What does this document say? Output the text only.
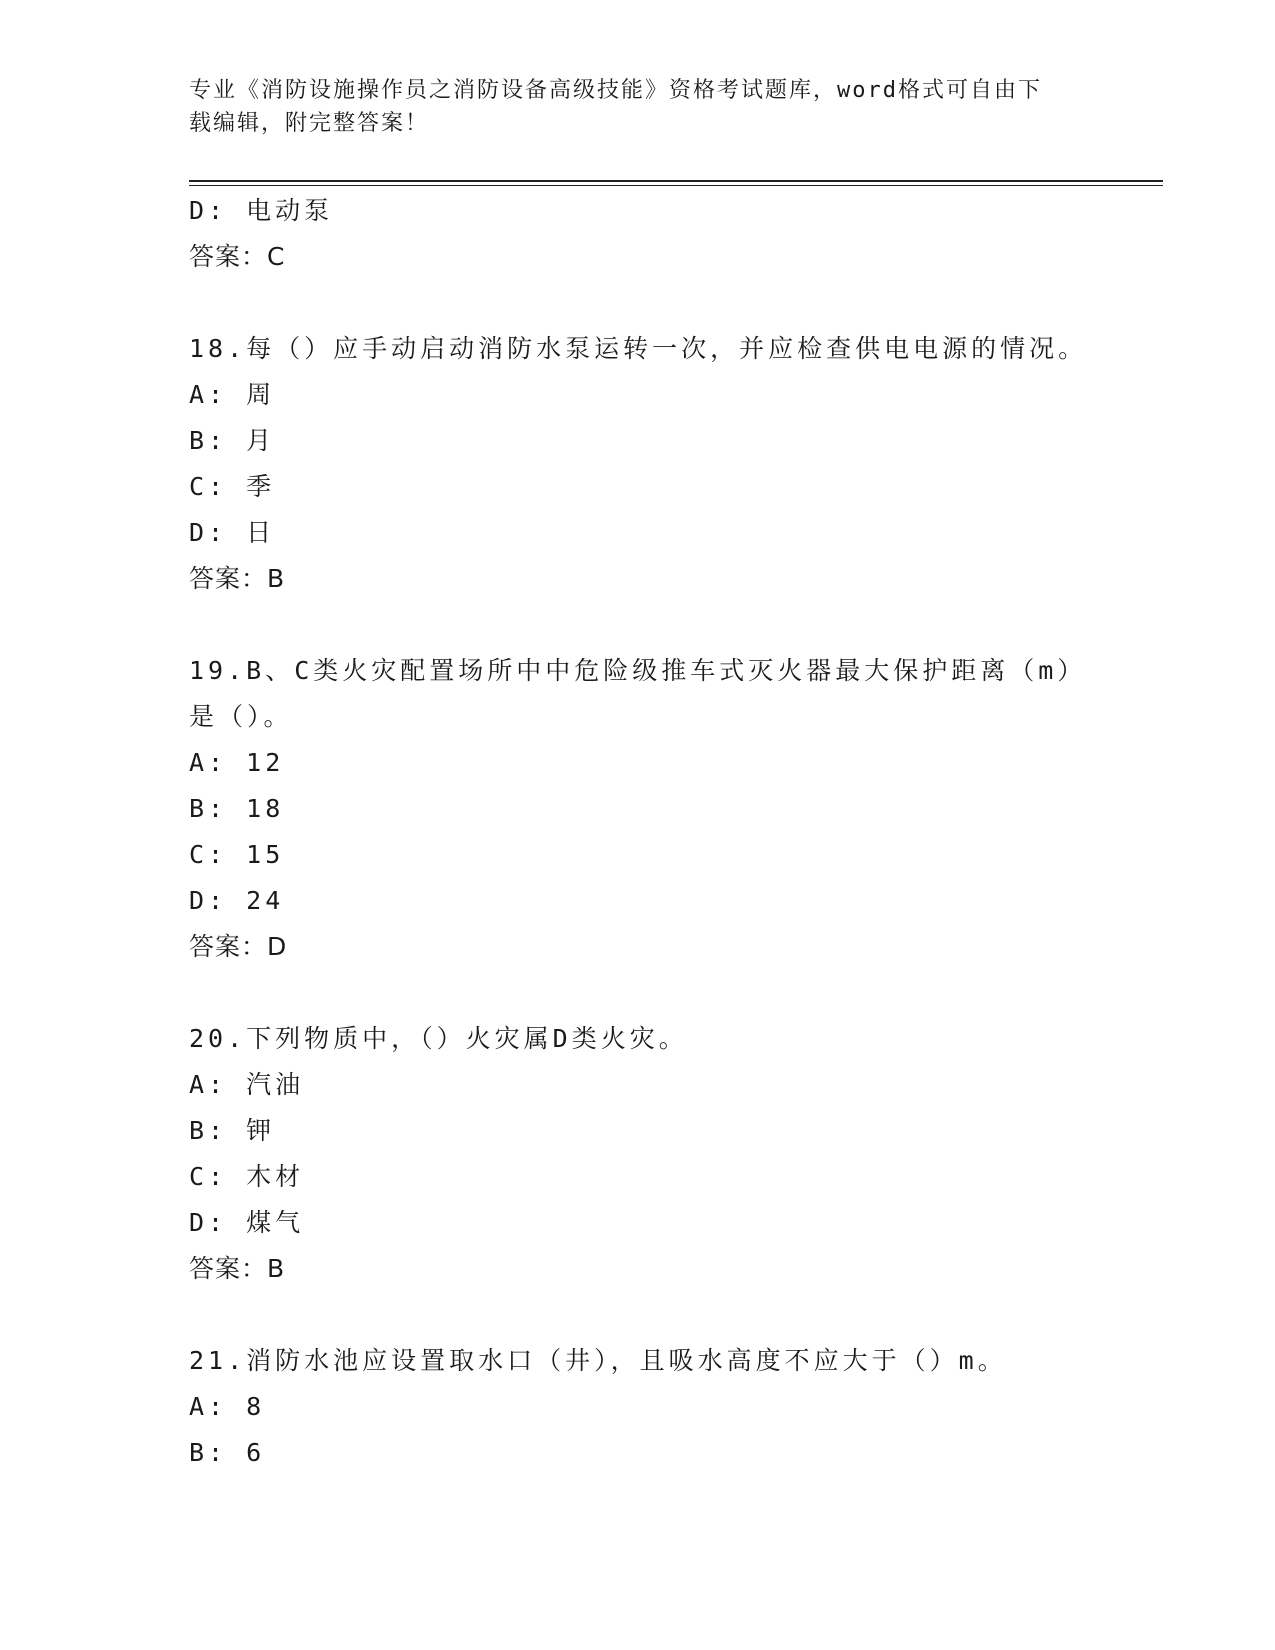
专业《消防设施操作员之消防设备高级技能》资格考试题库，word格式可自由下
载编辑，附完整答案！
D: 电动泵
答案：C
18.每（）应手动启动消防水泵运转一次，并应检查供电电源的情况。
A: 周
B: 月
C: 季
D: 日
答案：B
19.B、C类火灾配置场所中中危险级推车式灭火器最大保护距离（m）
是（）。
A: 12
B: 18
C: 15
D: 24
答案：D
20.下列物质中，（）火灾属D类火灾。
A: 汽油
B: 钾
C: 木材
D: 煤气
答案：B
21.消防水池应设置取水口（井），且吸水高度不应大于（）m。
A: 8
B: 6
